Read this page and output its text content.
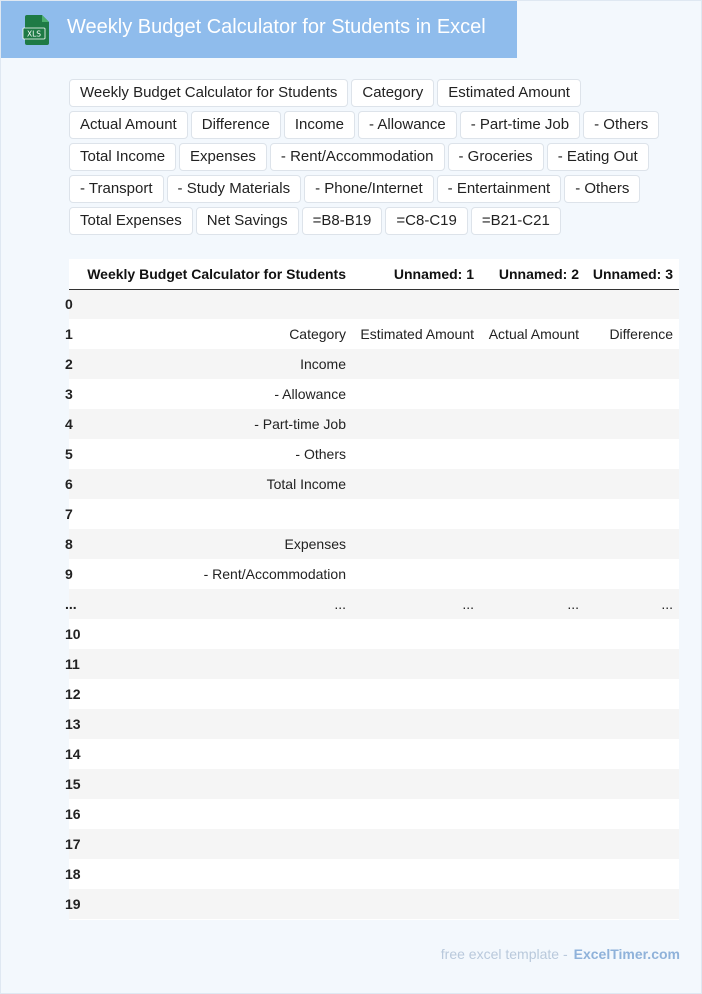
XLS Weekly Budget Calculator for Students in Excel
Weekly Budget Calculator for Students	Category	Estimated Amount
Actual Amount	Difference	Income	- Allowance	- Part-time Job	- Others
Total Income	Expenses	- Rent/Accommodation	- Groceries	- Eating Out
- Transport	- Study Materials	- Phone/Internet	- Entertainment	- Others
Total Expenses	Net Savings	=B8-B19	=C8-C19	=B21-C21
	Weekly Budget Calculator for Students	Unnamed: 1	Unnamed: 2	Unnamed: 3
0				
1	Category	Estimated Amount	Actual Amount	Difference
2	Income			
3	- Allowance			
4	- Part-time Job			
5	- Others			
6	Total Income			
7				
8	Expenses			
9	- Rent/Accommodation			
...	...	...	...	...
10				
11				
12				
13				
14				
15				
16				
17				
18				
19				
free excel template - ExcelTimer.com
